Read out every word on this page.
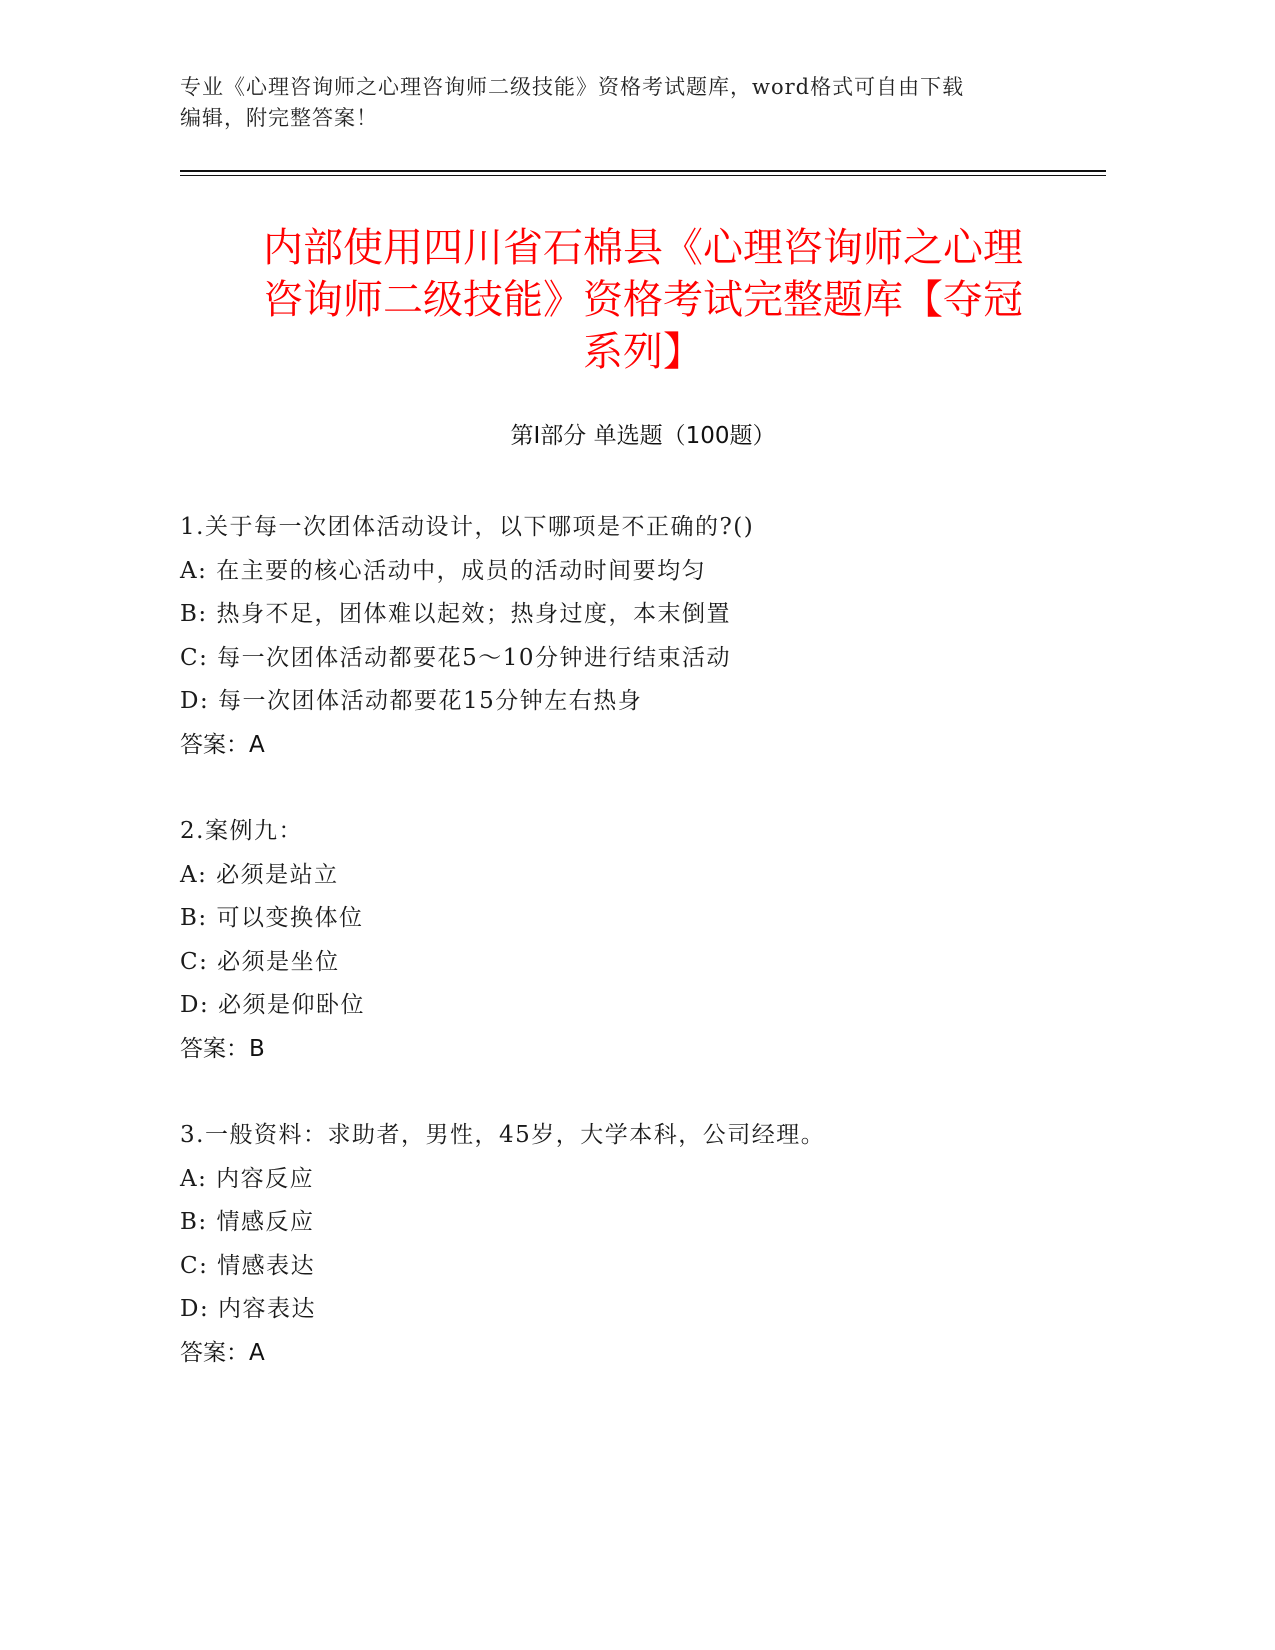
专业《心理咨询师之心理咨询师二级技能》资格考试题库，word格式可自由下载
编辑，附完整答案！
内部使用四川省石棉县《心理咨询师之心理
咨询师二级技能》资格考试完整题库【夺冠
系列】
第Ⅰ部分 单选题（100题）
1.关于每一次团体活动设计，以下哪项是不正确的?()
A: 在主要的核心活动中，成员的活动时间要均匀
B: 热身不足，团体难以起效；热身过度，本末倒置
C: 每一次团体活动都要花5～10分钟进行结束活动
D: 每一次团体活动都要花15分钟左右热身
答案：A
2.案例九：
A: 必须是站立
B: 可以变换体位
C: 必须是坐位
D: 必须是仰卧位
答案：B
3.一般资料：求助者，男性，45岁，大学本科，公司经理。
A: 内容反应
B: 情感反应
C: 情感表达
D: 内容表达
答案：A
